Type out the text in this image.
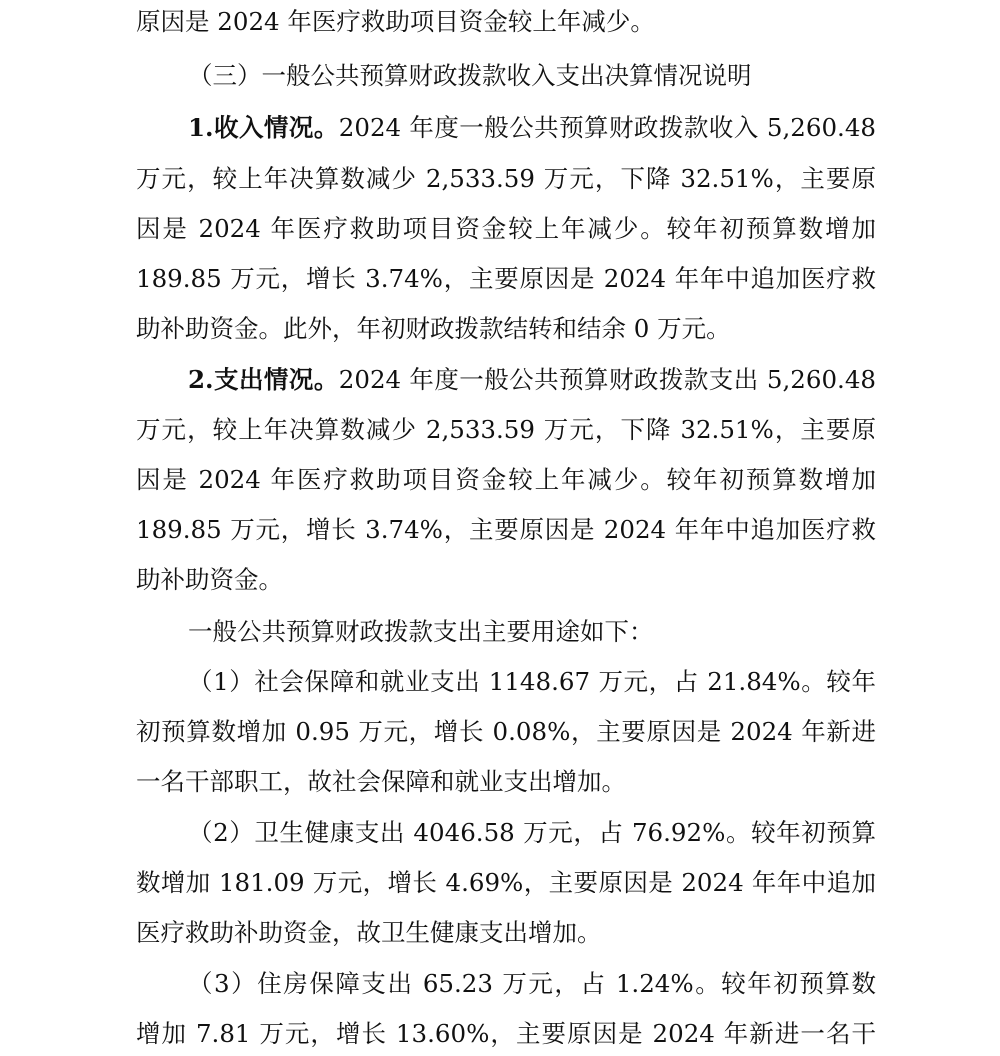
原因是 2024 年医疗救助项目资金较上年减少。
（三）一般公共预算财政拨款收入支出决算情况说明
1.收入情况。2024 年度一般公共预算财政拨款收入 5,260.48
万元，较上年决算数减少 2,533.59 万元，下降 32.51%，主要原
因是 2024 年医疗救助项目资金较上年减少。较年初预算数增加
189.85 万元，增长 3.74%，主要原因是 2024 年年中追加医疗救
助补助资金。此外，年初财政拨款结转和结余 0 万元。
2.支出情况。2024 年度一般公共预算财政拨款支出 5,260.48
万元，较上年决算数减少 2,533.59 万元，下降 32.51%，主要原
因是 2024 年医疗救助项目资金较上年减少。较年初预算数增加
189.85 万元，增长 3.74%，主要原因是 2024 年年中追加医疗救
助补助资金。
一般公共预算财政拨款支出主要用途如下：
（1）社会保障和就业支出 1148.67 万元，占 21.84%。较年
初预算数增加 0.95 万元，增长 0.08%，主要原因是 2024 年新进
一名干部职工，故社会保障和就业支出增加。
（2）卫生健康支出 4046.58 万元，占 76.92%。较年初预算
数增加 181.09 万元，增长 4.69%，主要原因是 2024 年年中追加
医疗救助补助资金，故卫生健康支出增加。
（3）住房保障支出 65.23 万元，占 1.24%。较年初预算数
增加 7.81 万元，增长 13.60%，主要原因是 2024 年新进一名干
